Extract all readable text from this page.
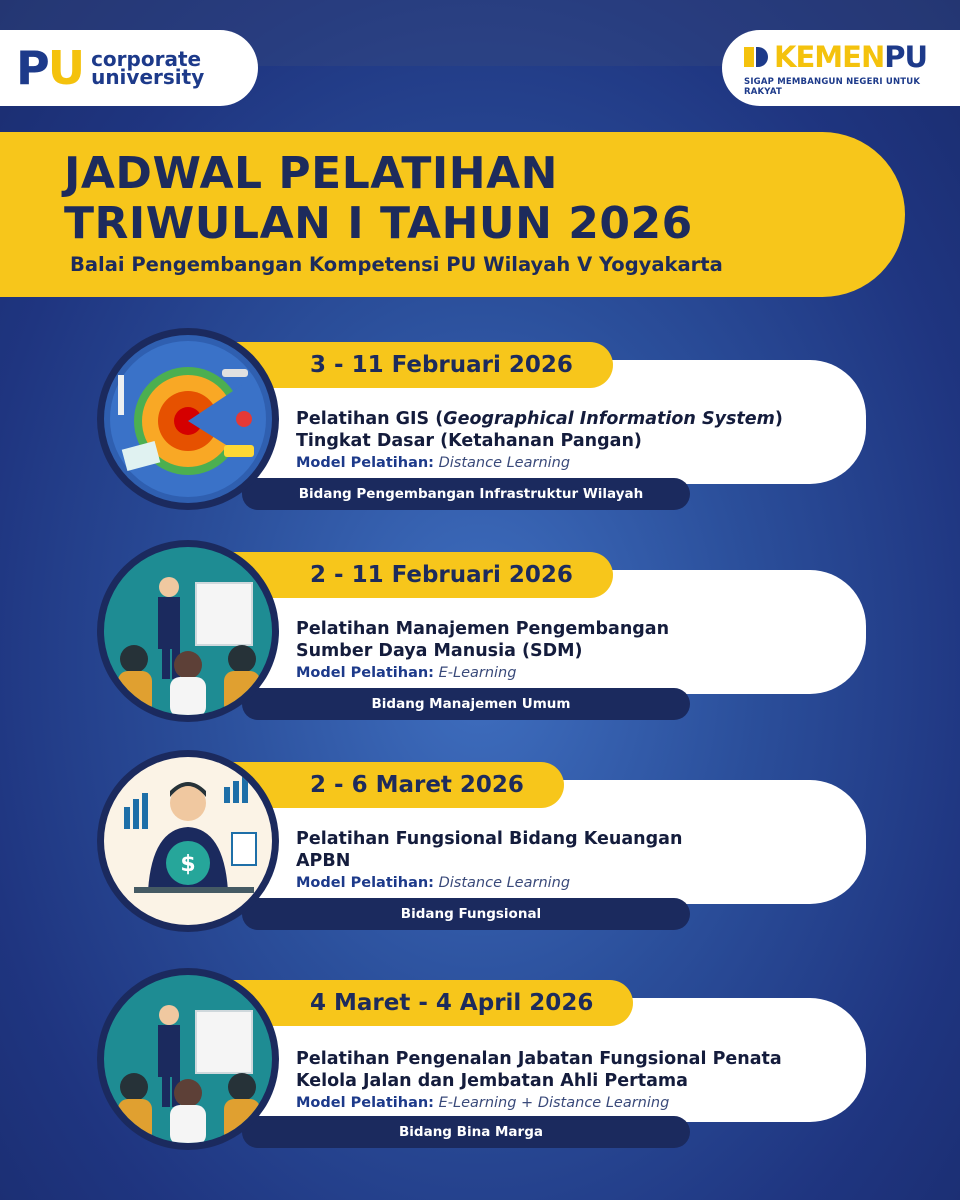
PU corporate
university
KEMENPU
SIGAP MEMBANGUN NEGERI UNTUK RAKYAT
JADWAL PELATIHAN
TRIWULAN I TAHUN 2026
Balai Pengembangan Kompetensi PU Wilayah V Yogyakarta
3 - 11 Februari 2026
Pelatihan GIS (Geographical Information System)
Tingkat Dasar (Ketahanan Pangan)
Model Pelatihan: Distance Learning
Bidang Pengembangan Infrastruktur Wilayah
2 - 11 Februari 2026
Pelatihan Manajemen Pengembangan
Sumber Daya Manusia (SDM)
Model Pelatihan: E-Learning
Bidang Manajemen Umum
2 - 6 Maret 2026
Pelatihan Fungsional Bidang Keuangan
APBN
Model Pelatihan: Distance Learning
Bidang Fungsional
$
4 Maret - 4 April 2026
Pelatihan Pengenalan Jabatan Fungsional Penata
Kelola Jalan dan Jembatan Ahli Pertama
Model Pelatihan: E-Learning + Distance Learning
Bidang Bina Marga
